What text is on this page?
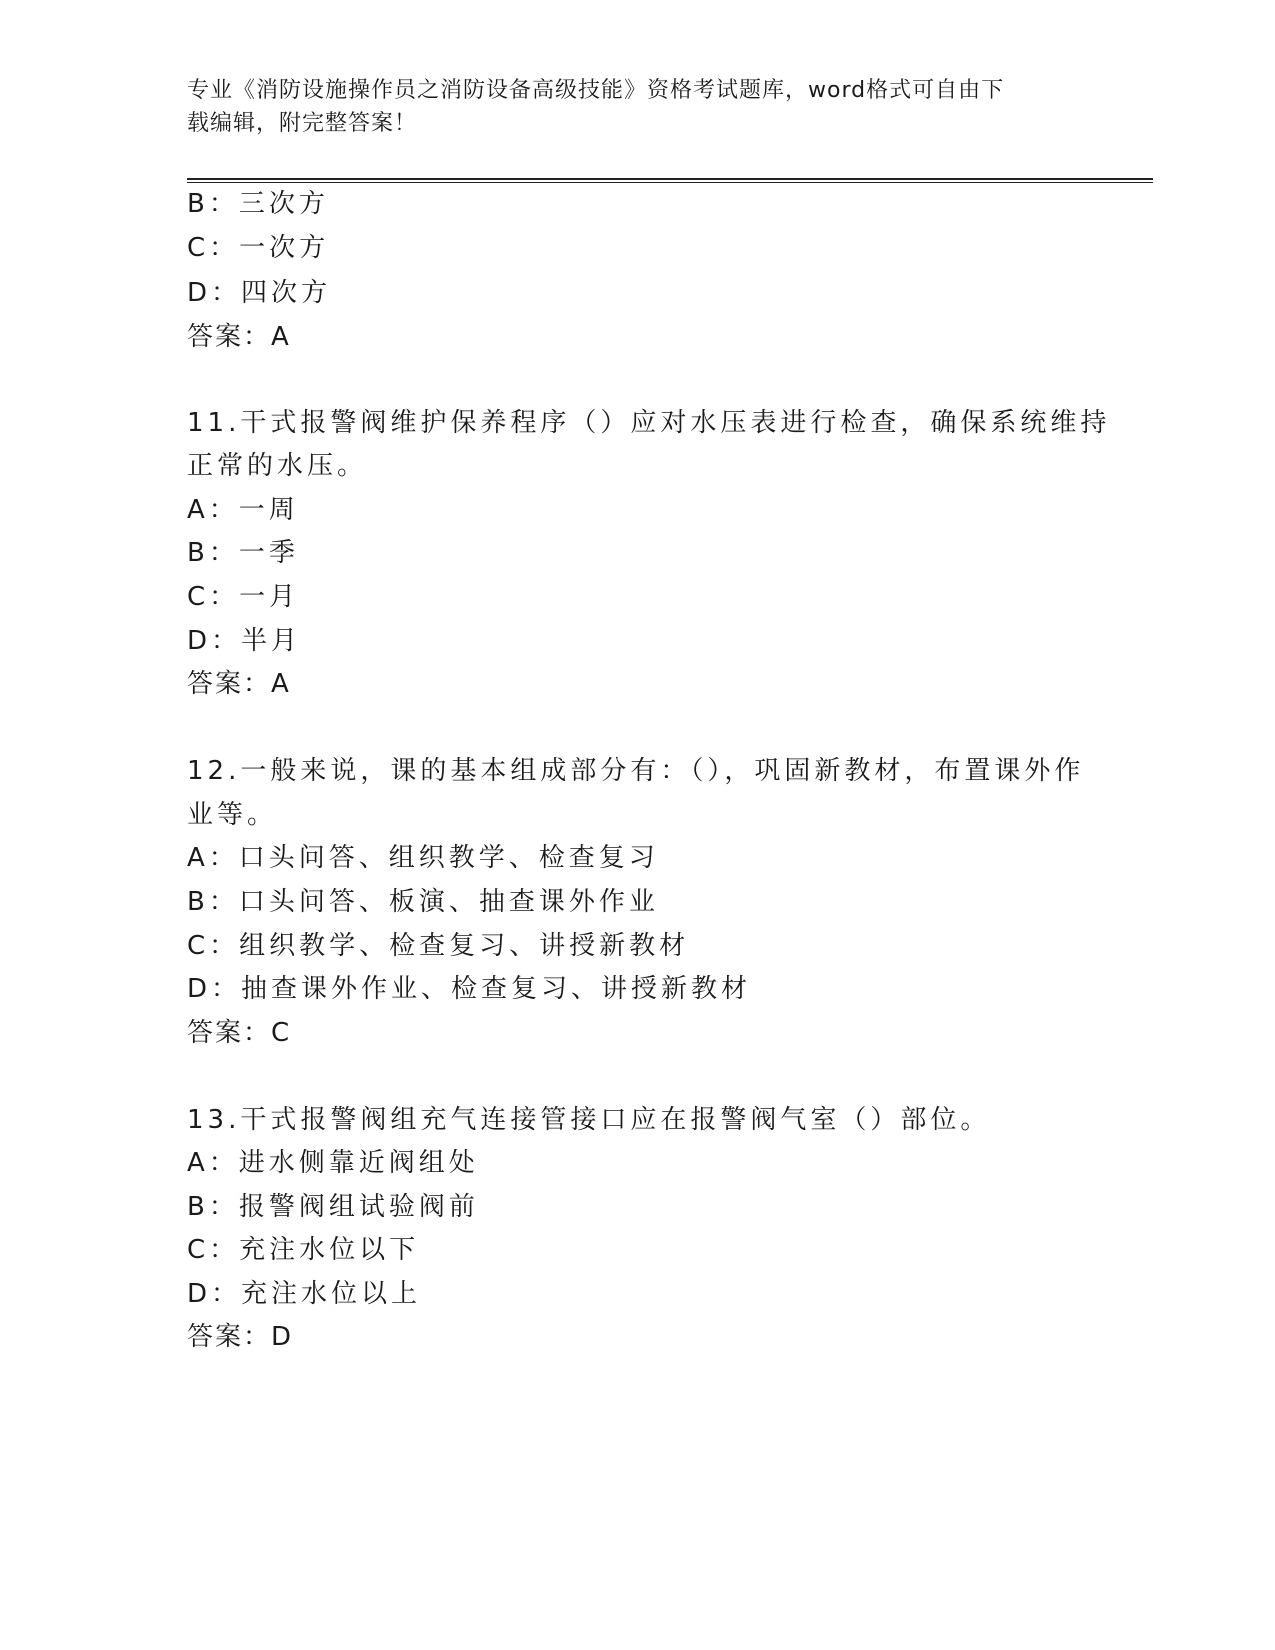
专业《消防设施操作员之消防设备高级技能》资格考试题库，word格式可自由下
载编辑，附完整答案！
B：三次方
C：一次方
D：四次方
答案：A
11.干式报警阀维护保养程序（）应对水压表进行检查，确保系统维持
正常的水压。
A：一周
B：一季
C：一月
D：半月
答案：A
12.一般来说，课的基本组成部分有：（），巩固新教材，布置课外作
业等。
A：口头问答、组织教学、检查复习
B：口头问答、板演、抽查课外作业
C：组织教学、检查复习、讲授新教材
D：抽查课外作业、检查复习、讲授新教材
答案：C
13.干式报警阀组充气连接管接口应在报警阀气室（）部位。
A：进水侧靠近阀组处
B：报警阀组试验阀前
C：充注水位以下
D：充注水位以上
答案：D
